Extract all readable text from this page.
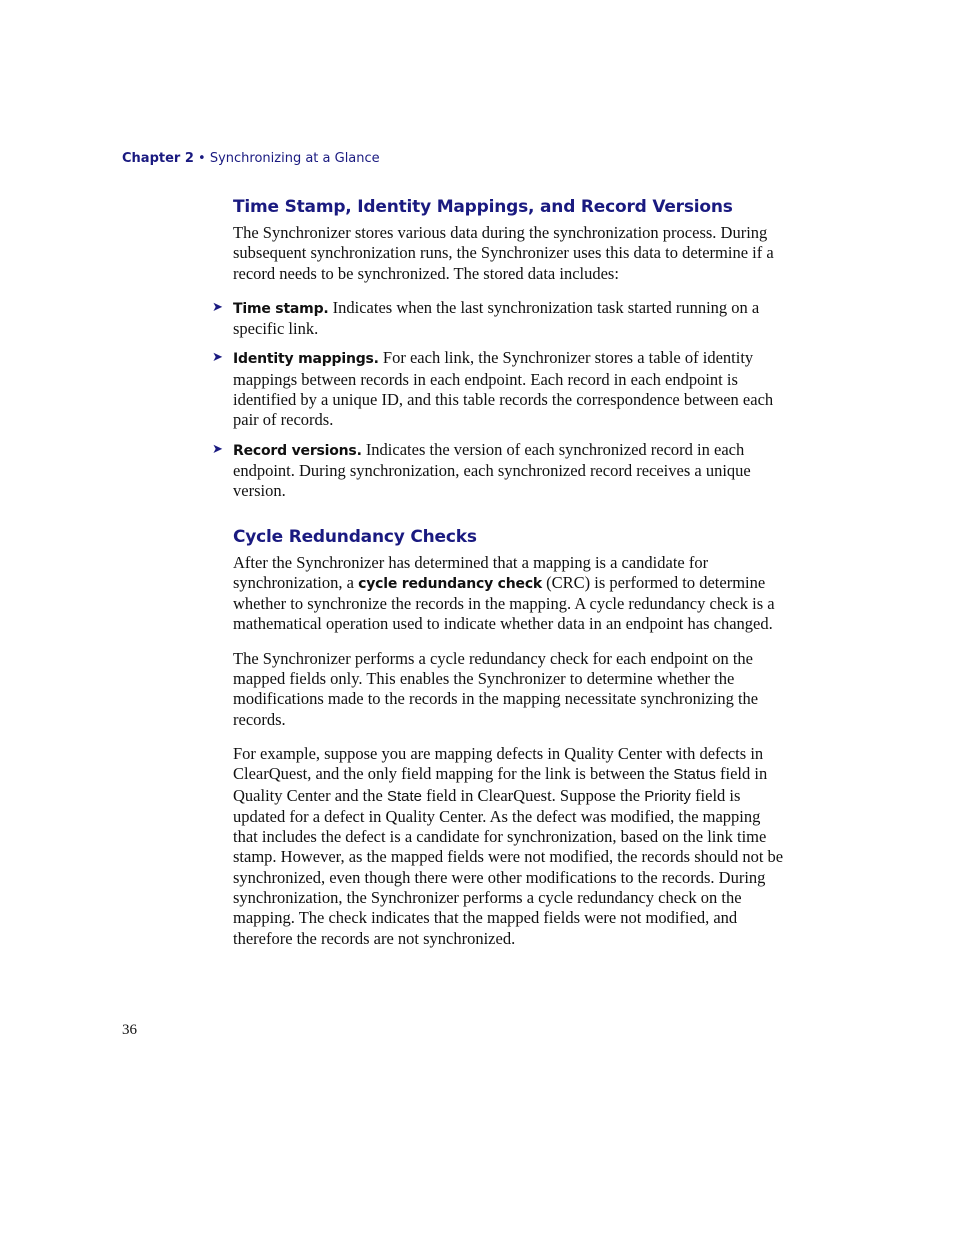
Chapter 2 • Synchronizing at a Glance
Time Stamp, Identity Mappings, and Record Versions

The Synchronizer stores various data during the synchronization process. During subsequent synchronization runs, the Synchronizer uses this data to determine if a record needs to be synchronized. The stored data includes:

➤ Time stamp. Indicates when the last synchronization task started running on a specific link.
➤ Identity mappings. For each link, the Synchronizer stores a table of identity mappings between records in each endpoint. Each record in each endpoint is identified by a unique ID, and this table records the correspondence between each pair of records.
➤ Record versions. Indicates the version of each synchronized record in each endpoint. During synchronization, each synchronized record receives a unique version.
Cycle Redundancy Checks

After the Synchronizer has determined that a mapping is a candidate for synchronization, a cycle redundancy check (CRC) is performed to determine whether to synchronize the records in the mapping. A cycle redundancy check is a mathematical operation used to indicate whether data in an endpoint has changed.

The Synchronizer performs a cycle redundancy check for each endpoint on the mapped fields only. This enables the Synchronizer to determine whether the modifications made to the records in the mapping necessitate synchronizing the records.

For example, suppose you are mapping defects in Quality Center with defects in ClearQuest, and the only field mapping for the link is between the Status field in Quality Center and the State field in ClearQuest. Suppose the Priority field is updated for a defect in Quality Center. As the defect was modified, the mapping that includes the defect is a candidate for synchronization, based on the link time stamp. However, as the mapped fields were not modified, the records should not be synchronized, even though there were other modifications to the records. During synchronization, the Synchronizer performs a cycle redundancy check on the mapping. The check indicates that the mapped fields were not modified, and therefore the records are not synchronized.

36
